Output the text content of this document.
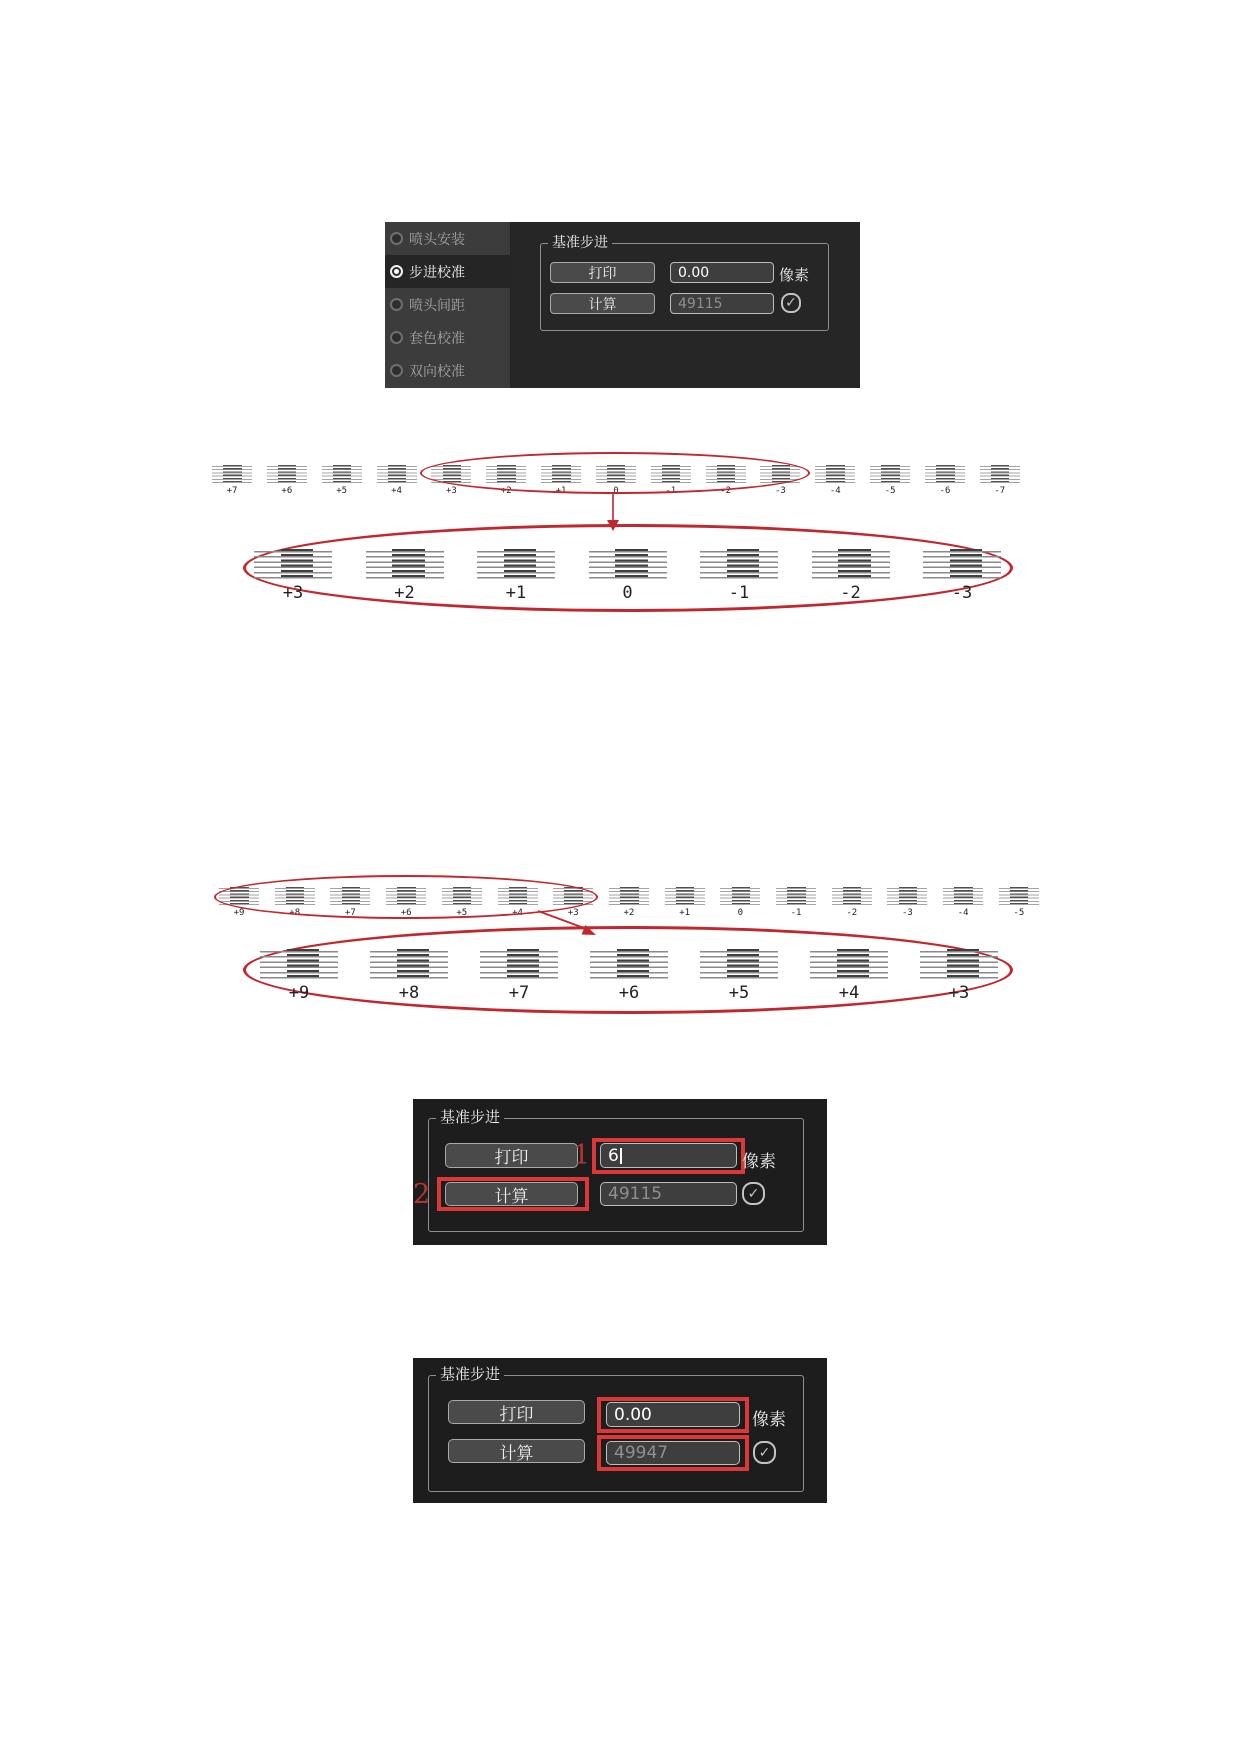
喷头安装
步进校准
喷头间距
套色校准
双向校准
基准步进
打印	0.00	像素
计算	49115	✓
+7	+6	+5	+4	+3	+2	+1	0	-1	-2	-3	-4	-5	-6	-7
+3	+2	+1	0	-1	-2	-3
+9	+8	+7	+6	+5	+4	+3	+2	+1	0	-1	-2	-3	-4	-5
+9	+8	+7	+6	+5	+4	+3
基准步进
打印	1 6	像素
2	计算	49115	✓
基准步进
打印	0.00	像素
计算	49947	✓
